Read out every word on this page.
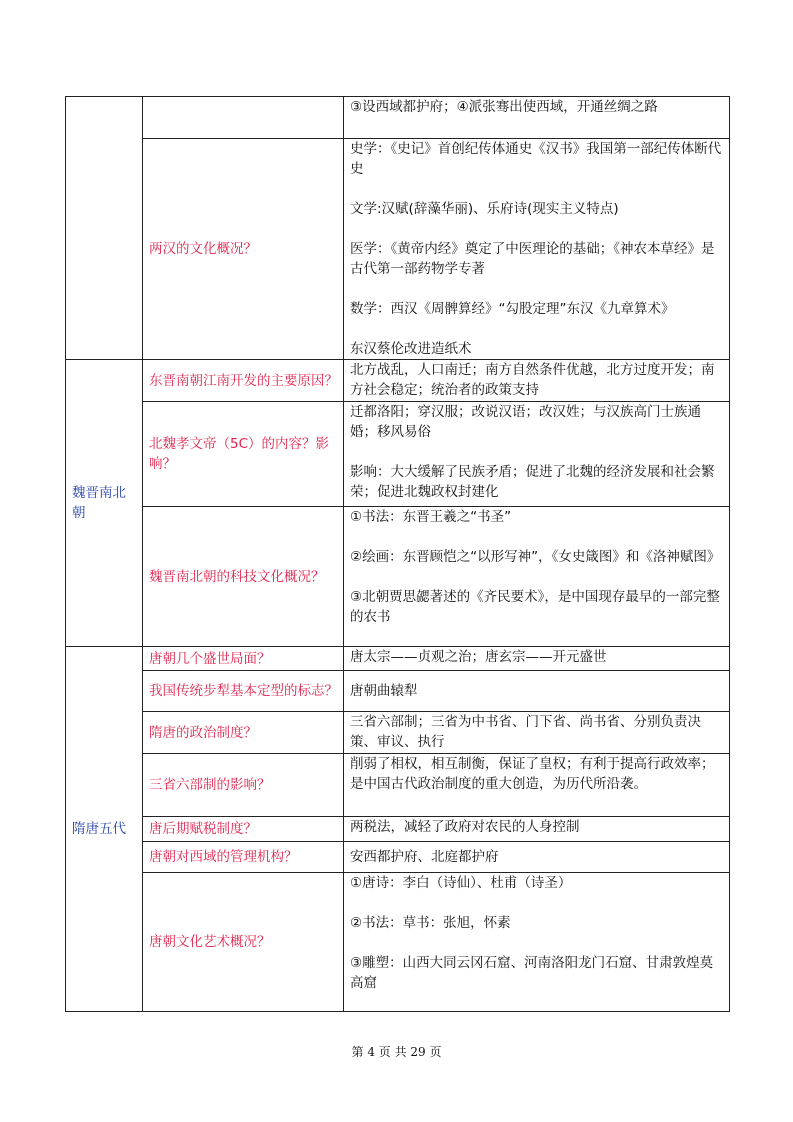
		③设西域都护府；④派张骞出使西域，开通丝绸之路

	两汉的文化概况？	史学：《史记》首创纪传体通史《汉书》我国第一部纪传体断代史

文学:汉赋(辞藻华丽)、乐府诗(现实主义特点)

医学：《黄帝内经》奠定了中医理论的基础；《神农本草经》是古代第一部药物学专著

数学：西汉《周髀算经》“勾股定理”东汉《九章算术》

东汉蔡伦改进造纸术

魏晋南北朝	东晋南朝江南开发的主要原因？	北方战乱，人口南迁；南方自然条件优越，北方过度开发；南方社会稳定；统治者的政策支持

	北魏孝文帝（5C）的内容？影响？	迁都洛阳；穿汉服；改说汉语；改汉姓；与汉族高门士族通婚；移风易俗

影响：大大缓解了民族矛盾；促进了北魏的经济发展和社会繁荣；促进北魏政权封建化

	魏晋南北朝的科技文化概况？	①书法：东晋王羲之“书圣”

②绘画：东晋顾恺之“以形写神”，《女史箴图》和《洛神赋图》

③北朝贾思勰著述的《齐民要术》，是中国现存最早的一部完整的农书

隋唐五代	唐朝几个盛世局面？	唐太宗——贞观之治；唐玄宗——开元盛世

	我国传统步犁基本定型的标志？	唐朝曲辕犁

	隋唐的政治制度？	三省六部制；三省为中书省、门下省、尚书省、分别负责决策、审议、执行

	三省六部制的影响？	削弱了相权，相互制衡，保证了皇权；有利于提高行政效率；是中国古代政治制度的重大创造，为历代所沿袭。

	唐后期赋税制度？	两税法，减轻了政府对农民的人身控制

	唐朝对西域的管理机构？	安西都护府、北庭都护府

	唐朝文化艺术概况？	①唐诗：李白（诗仙）、杜甫（诗圣）

②书法：草书：张旭，怀素

③雕塑：山西大同云冈石窟、河南洛阳龙门石窟、甘肃敦煌莫高窟

第 4 页 共 29 页
